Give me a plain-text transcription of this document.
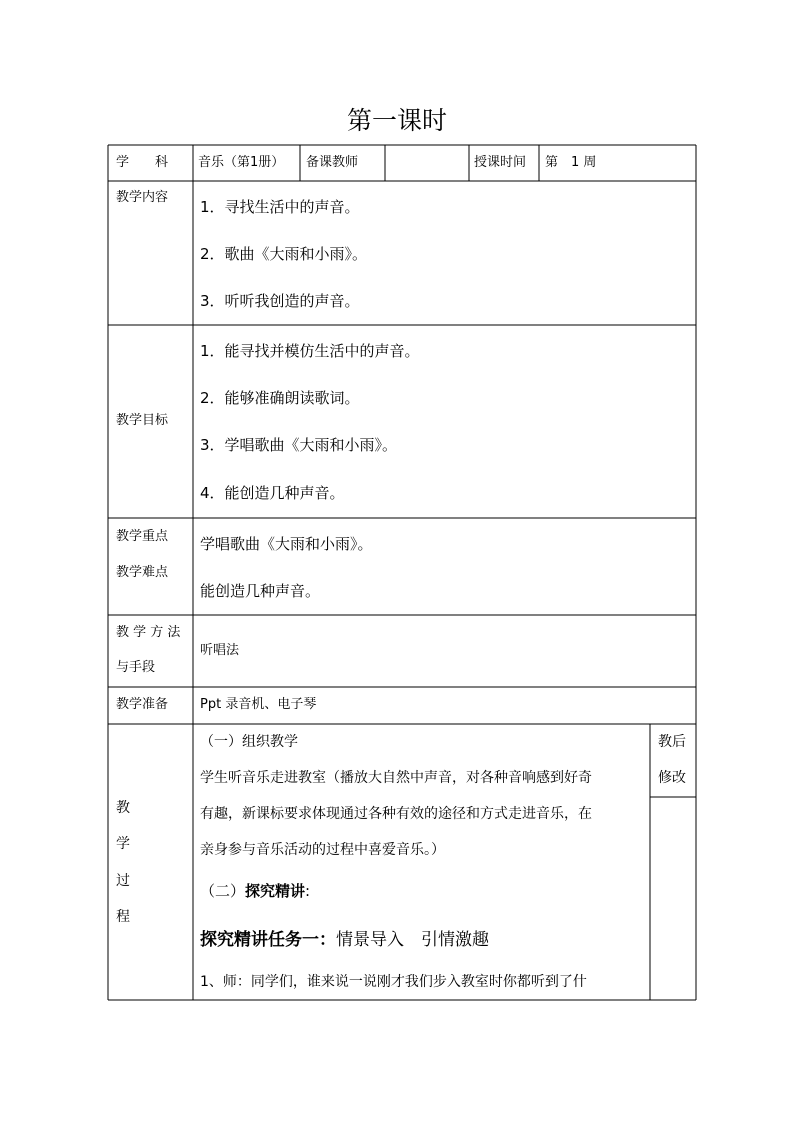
第一课时
学　　科 音乐（第1册） 备课教师	授课时间 第　1 周
教学内容
1．寻找生活中的声音。
2．歌曲《大雨和小雨》。
3．听听我创造的声音。
教学目标
1．能寻找并模仿生活中的声音。
2．能够准确朗读歌词。
3．学唱歌曲《大雨和小雨》。
4．能创造几种声音。
教学重点
教学难点
学唱歌曲《大雨和小雨》。
能创造几种声音。
教 学 方 法
与手段
听唱法
教学准备 Ppt 录音机、电子琴
教
学
过
程
教后
修改
（一）组织教学
学生听音乐走进教室（播放大自然中声音，对各种音响感到好奇
有趣，新课标要求体现通过各种有效的途径和方式走进音乐，在
亲身参与音乐活动的过程中喜爱音乐。）
（二）探究精讲:
探究精讲任务一：情景导入　引情激趣
1、师：同学们，谁来说一说刚才我们步入教室时你都听到了什
